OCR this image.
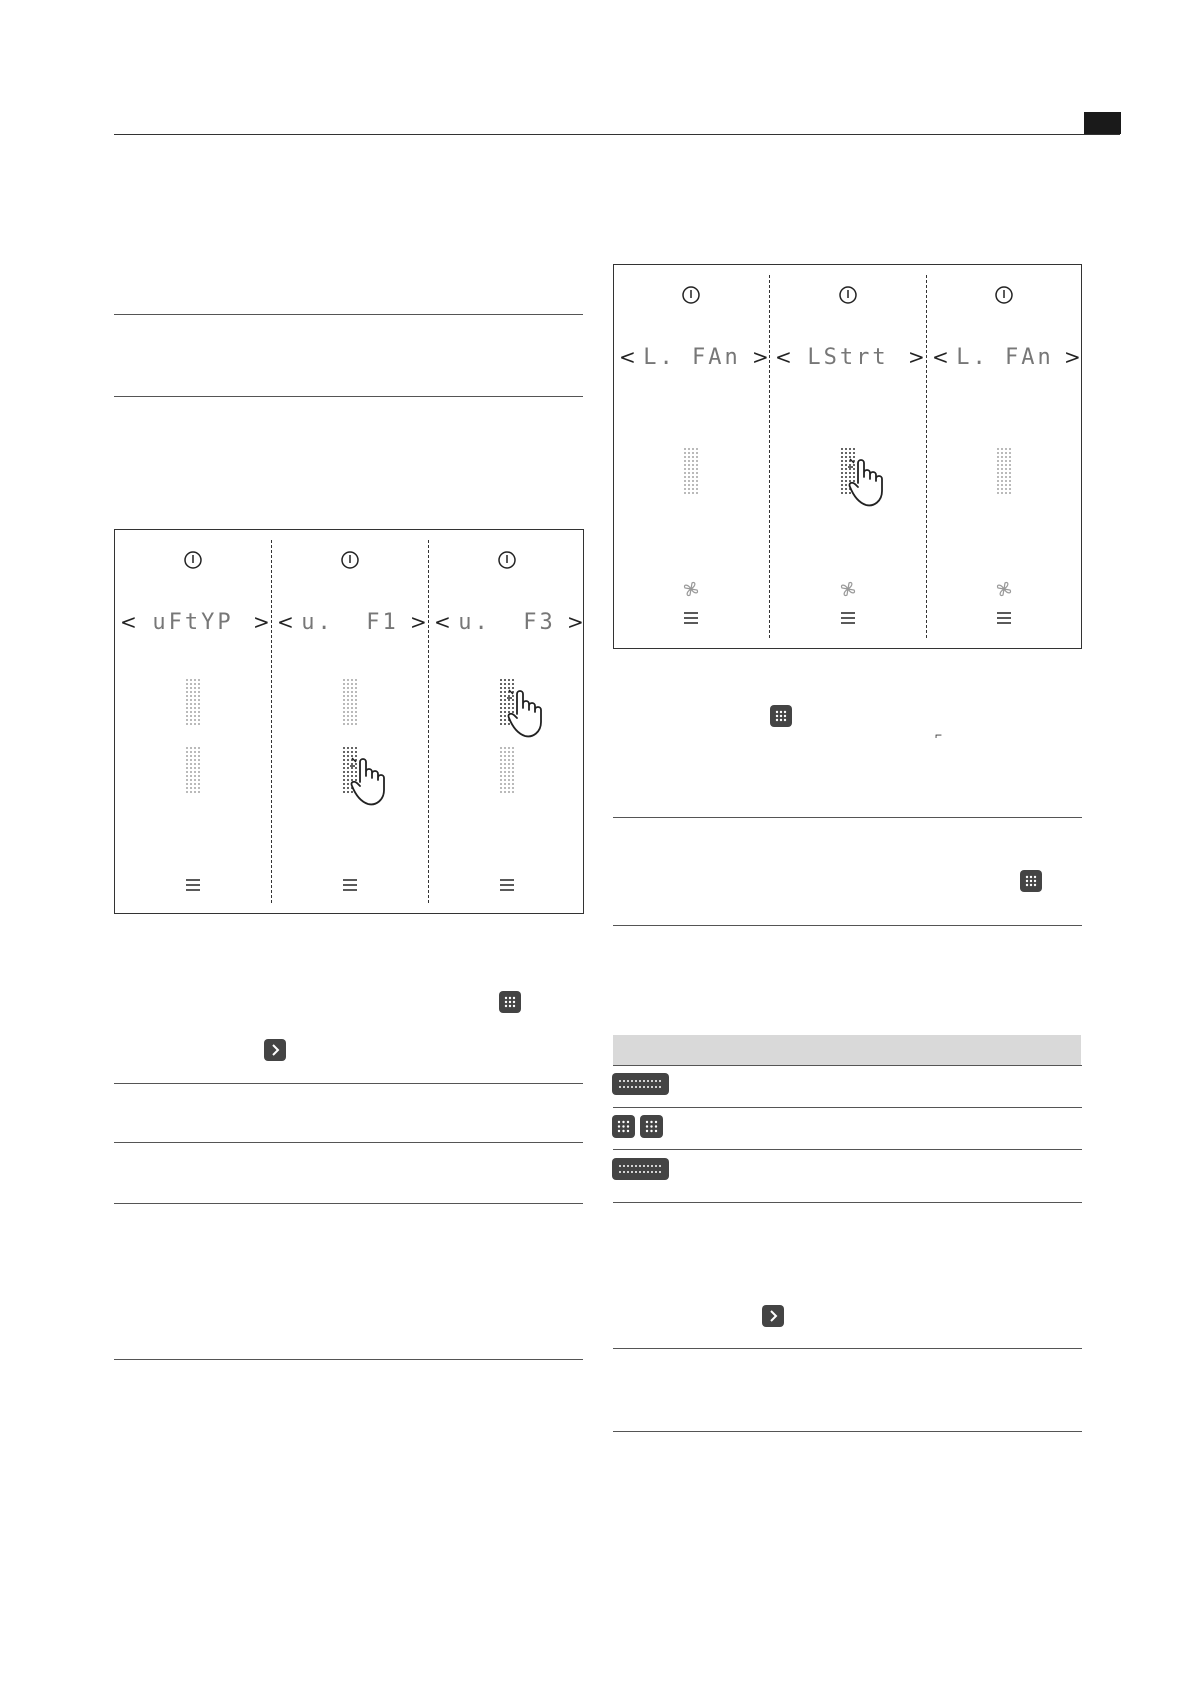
< uFtYP > < u.  F1 > < u.  F3 >
< L. FAn > < LStrt > < L. FAn >
⌐
